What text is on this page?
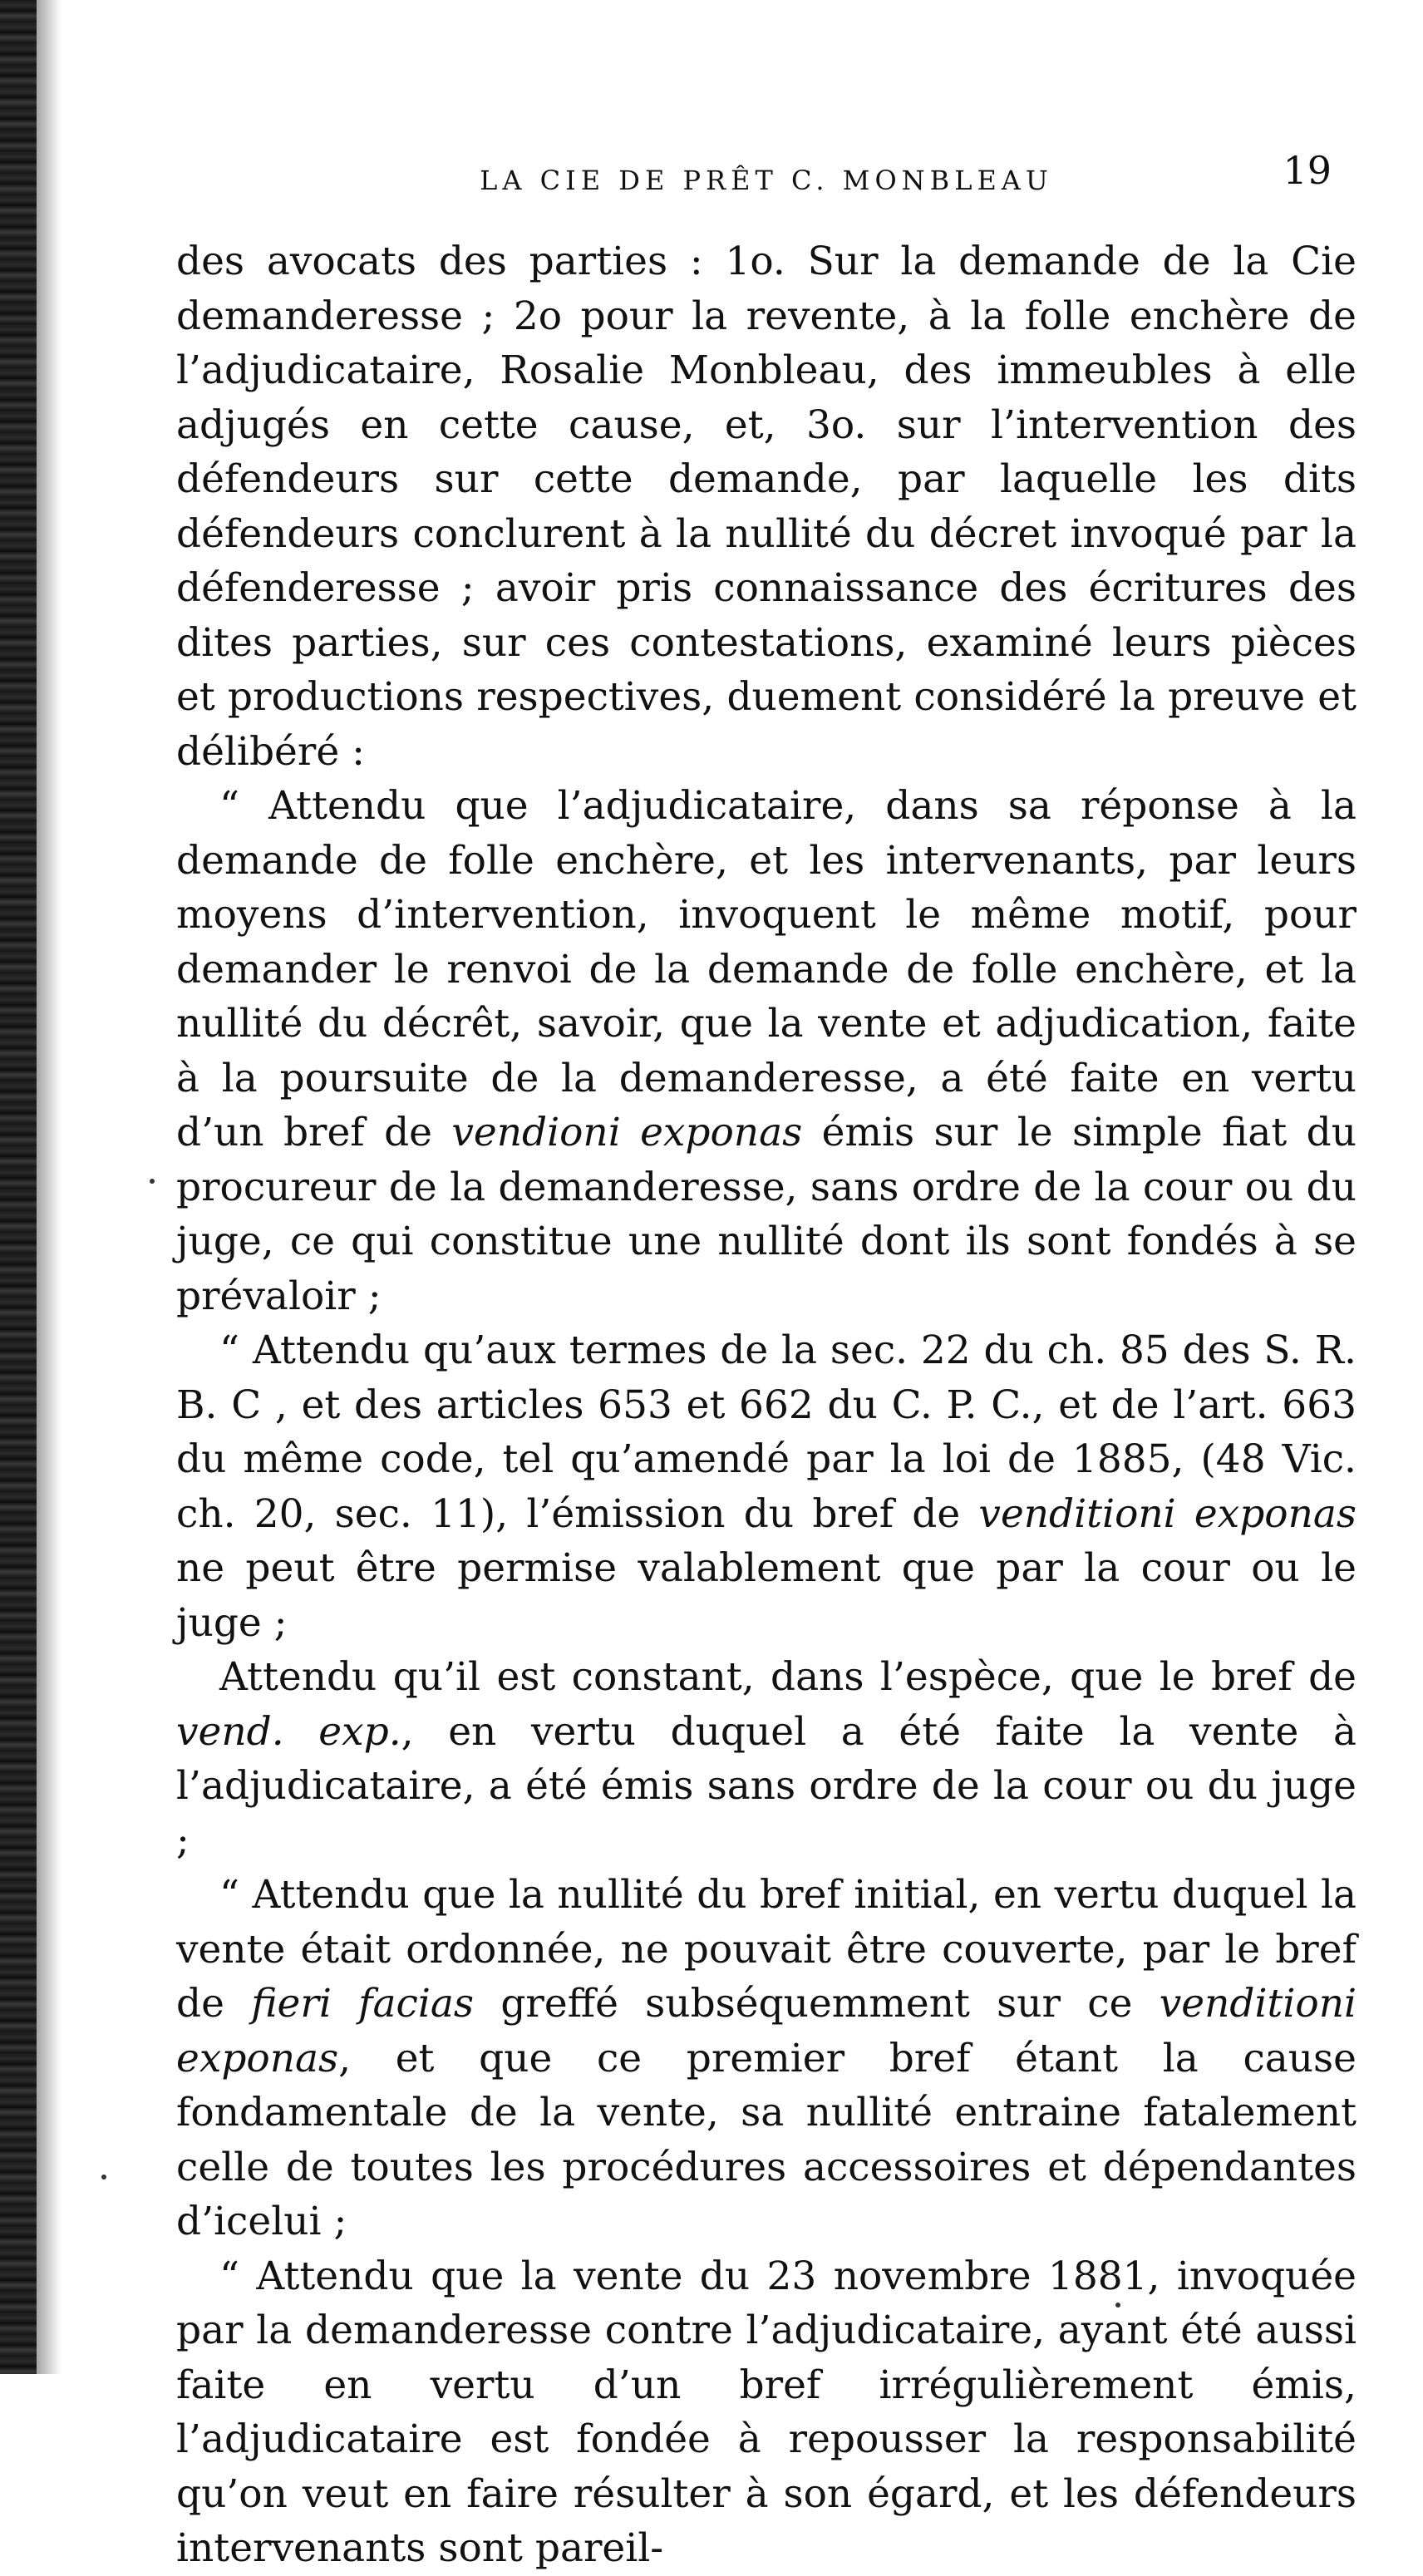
LA CIE DE PRÊT C. MONBLEAU	19

des avocats des parties : 1o. Sur la demande de la Cie demanderesse ; 2o pour la revente, à la folle enchère de l’adjudicataire, Rosalie Monbleau, des immeubles à elle adjugés en cette cause, et, 3o. sur l’intervention des défendeurs sur cette demande, par laquelle les dits défendeurs conclurent à la nullité du décret invoqué par la défenderesse ; avoir pris connaissance des écritures des dites parties, sur ces contestations, examiné leurs pièces et productions respectives, duement considéré la preuve et délibéré :

“ Attendu que l’adjudicataire, dans sa réponse à la demande de folle enchère, et les intervenants, par leurs moyens d’intervention, invoquent le même motif, pour demander le renvoi de la demande de folle enchère, et la nullité du décrêt, savoir, que la vente et adjudication, faite à la poursuite de la demanderesse, a été faite en vertu d’un bref de vendioni exponas émis sur le simple fiat du procureur de la demanderesse, sans ordre de la cour ou du juge, ce qui constitue une nullité dont ils sont fondés à se prévaloir ;

“ Attendu qu’aux termes de la sec. 22 du ch. 85 des S. R. B. C , et des articles 653 et 662 du C. P. C., et de l’art. 663 du même code, tel qu’amendé par la loi de 1885, (48 Vic. ch. 20, sec. 11), l’émission du bref de venditioni exponas ne peut être permise valablement que par la cour ou le juge ;

Attendu qu’il est constant, dans l’espèce, que le bref de vend. exp., en vertu duquel a été faite la vente à l’adjudicataire, a été émis sans ordre de la cour ou du juge ;

“ Attendu que la nullité du bref initial, en vertu duquel la vente était ordonnée, ne pouvait être couverte, par le bref de fieri facias greffé subséquemment sur ce venditioni exponas, et que ce premier bref étant la cause fondamentale de la vente, sa nullité entraine fatalement celle de toutes les procédures accessoires et dépendantes d’icelui ;

“ Attendu que la vente du 23 novembre 1881, invoquée par la demanderesse contre l’adjudicataire, ayant été aussi faite en vertu d’un bref irrégulièrement émis, l’adjudicataire est fondée à repousser la responsabilité qu’on veut en faire résulter à son égard, et les défendeurs intervenants sont pareil-
